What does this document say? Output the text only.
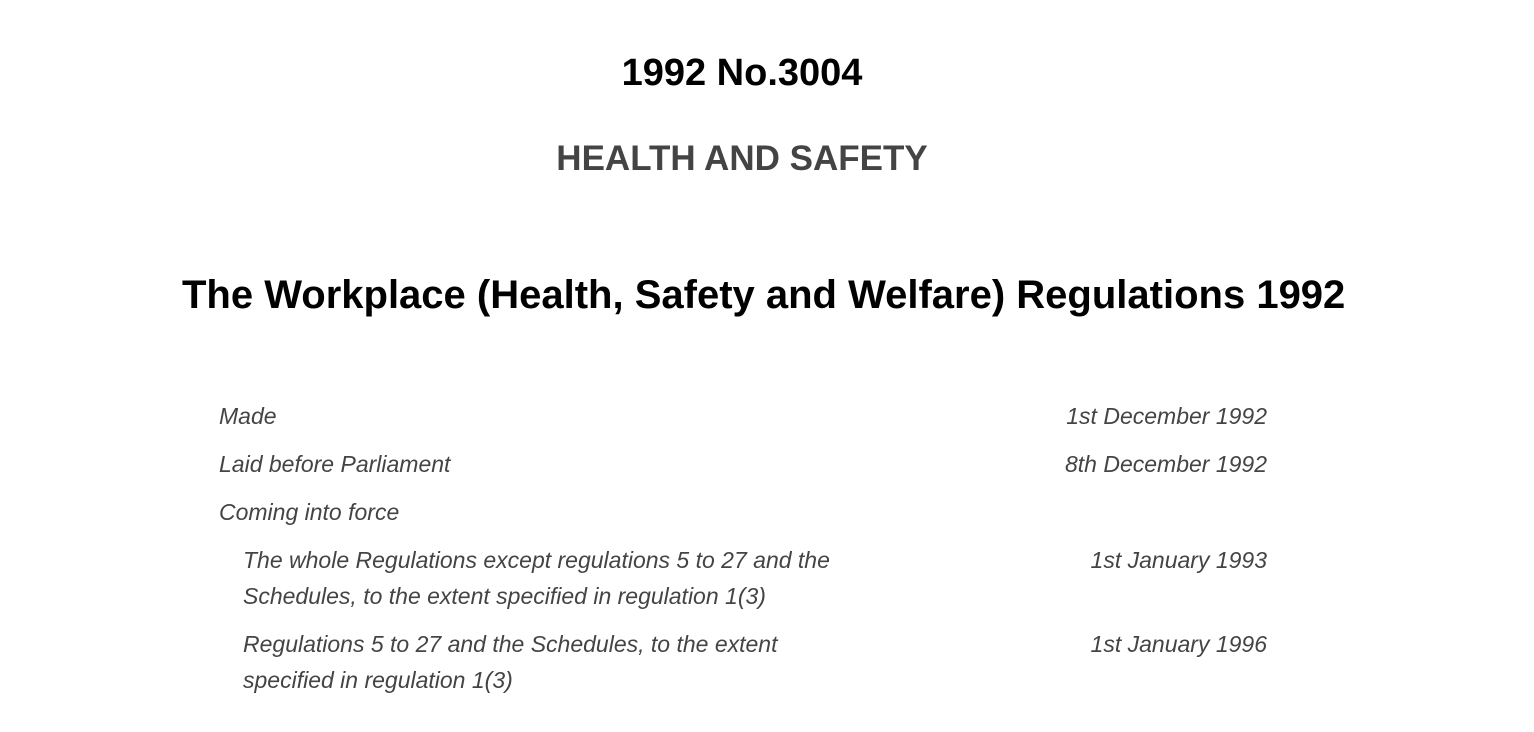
1992 No.3004
HEALTH AND SAFETY
The Workplace (Health, Safety and Welfare) Regulations 1992
Made	1st December 1992
Laid before Parliament	8th December 1992
Coming into force
The whole Regulations except regulations 5 to 27 and the Schedules, to the extent specified in regulation 1(3)
1st January 1993
Regulations 5 to 27 and the Schedules, to the extent specified in regulation 1(3)
1st January 1996
